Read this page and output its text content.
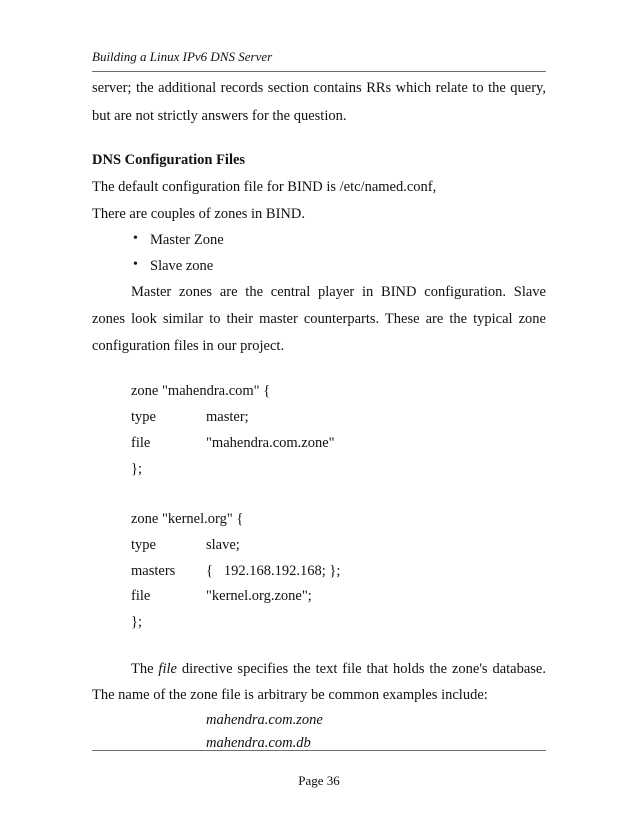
Building a Linux IPv6 DNS Server
server; the additional records section contains RRs which relate to the query,
but are not strictly answers for the question.
DNS Configuration Files
The default configuration file for BIND is /etc/named.conf,
There are couples of zones in BIND.
• Master Zone
• Slave zone
Master zones are the central player in BIND configuration. Slave
zones look similar to their master counterparts. These are the typical zone
configuration files in our project.
zone "mahendra.com" {
type	master;
file	"mahendra.com.zone"
};
zone "kernel.org" {
type	slave;
masters {   192.168.192.168; };
file	"kernel.org.zone";
};
The file directive specifies the text file that holds the zone's database.
The name of the zone file is arbitrary be common examples include:
mahendra.com.zone
mahendra.com.db
Page 36
